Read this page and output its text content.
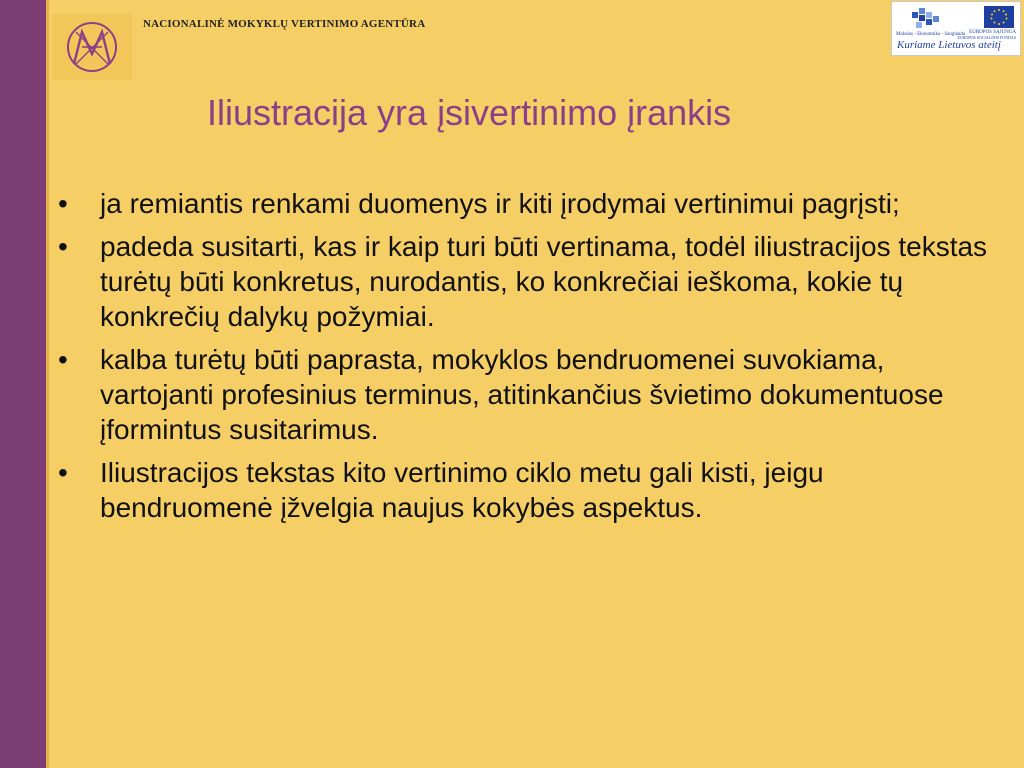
NACIONALINĖ MOKYKLŲ VERTINIMO AGENTŪRA
Mokslas - Ekonomika - Sanglauda EUROPOS SĄJUNGA
EUROPOS SOCIALINIS FONDAS
Kuriame Lietuvos ateitį
Iliustracija yra įsivertinimo įrankis
•	ja remiantis renkami duomenys ir kiti įrodymai vertinimui pagrįsti;
•	padeda susitarti, kas ir kaip turi būti vertinama, todėl iliustracijos tekstas turėtų būti konkretus, nurodantis, ko konkrečiai ieškoma, kokie tų konkrečių dalykų požymiai.
•	kalba turėtų būti paprasta, mokyklos bendruomenei suvokiama, vartojanti profesinius terminus, atitinkančius švietimo dokumentuose įformintus susitarimus.
•	Iliustracijos tekstas kito vertinimo ciklo metu gali kisti, jeigu bendruomenė įžvelgia naujus kokybės aspektus.
